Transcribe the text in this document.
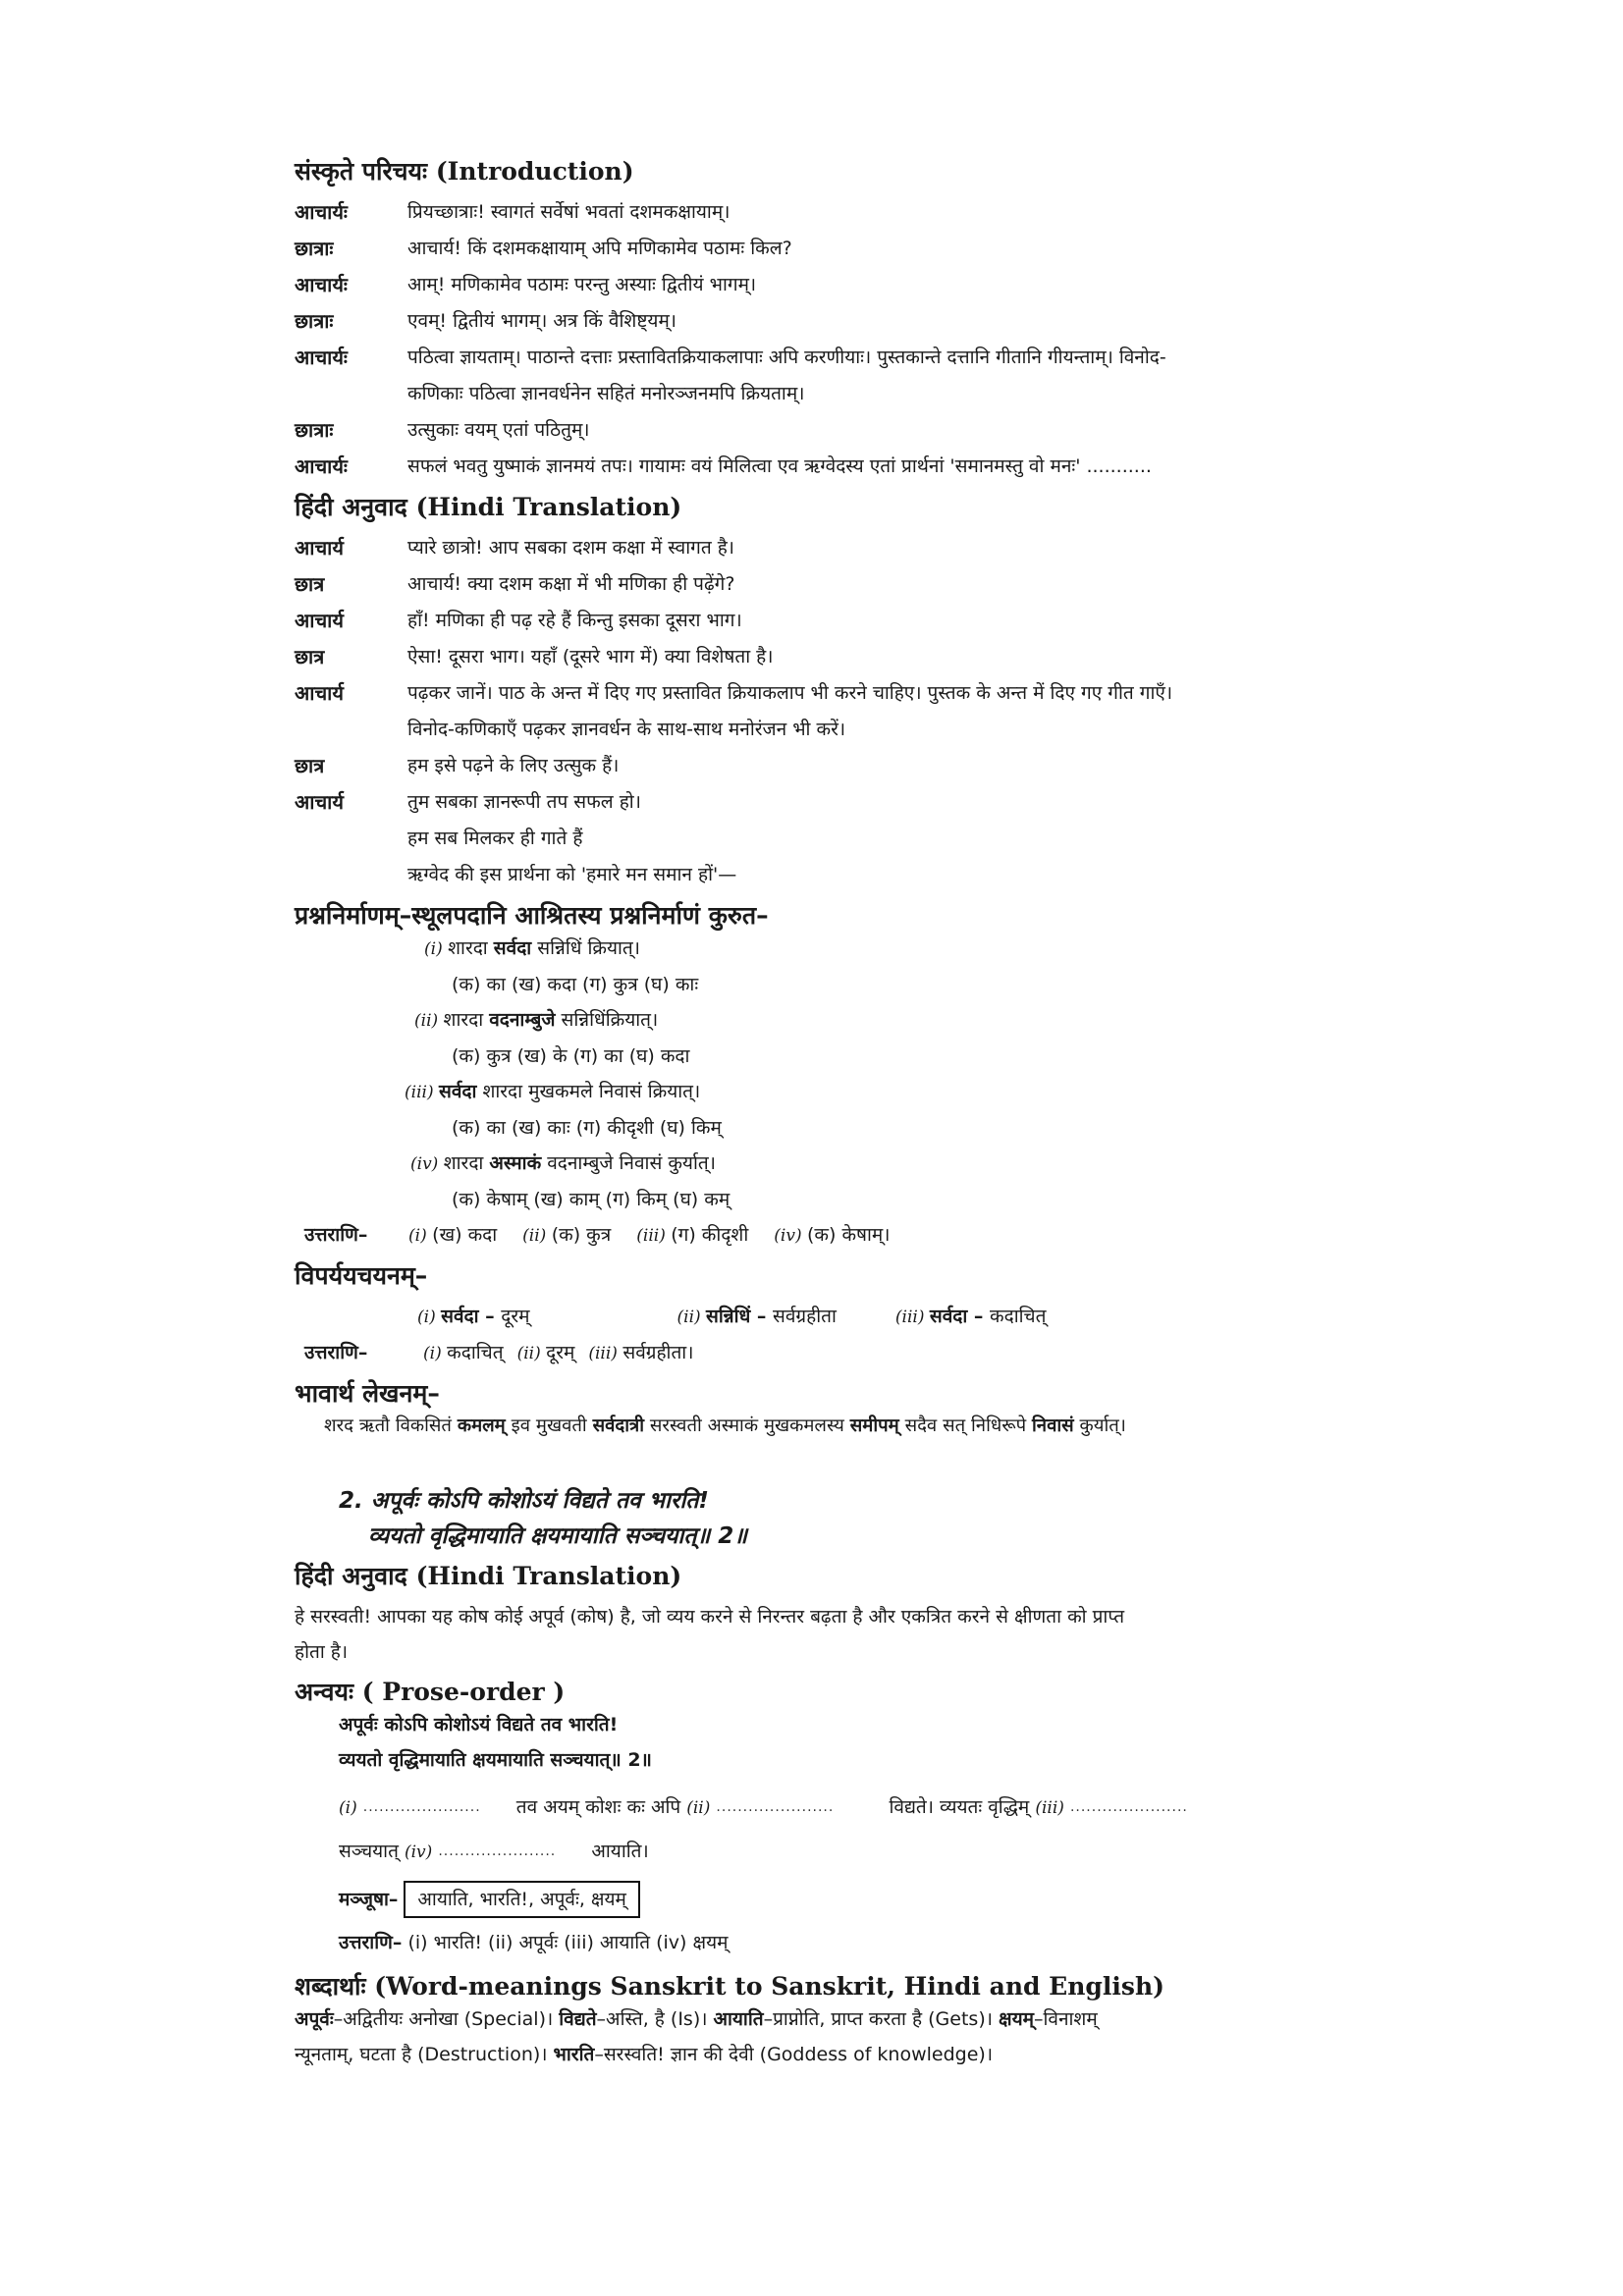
संस्कृते परिचयः (Introduction)
आचार्यः	प्रियच्छात्राः! स्वागतं सर्वेषां भवतां दशमकक्षायाम्।
छात्राः	आचार्य! किं दशमकक्षायाम् अपि मणिकामेव पठामः किल?
आचार्यः	आम्! मणिकामेव पठामः परन्तु अस्याः द्वितीयं भागम्।
छात्राः	एवम्! द्वितीयं भागम्। अत्र किं वैशिष्ट्यम्।
आचार्यः	पठित्वा ज्ञायताम्। पाठान्ते दत्ताः प्रस्तावितक्रियाकलापाः अपि करणीयाः। पुस्तकान्ते दत्तानि गीतानि गीयन्ताम्। विनोद-
कणिकाः पठित्वा ज्ञानवर्धनेन सहितं मनोरञ्जनमपि क्रियताम्।
छात्राः	उत्सुकाः वयम् एतां पठितुम्।
आचार्यः	सफलं भवतु युष्माकं ज्ञानमयं तपः। गायामः वयं मिलित्वा एव ऋग्वेदस्य एतां प्रार्थनां 'समानमस्तु वो मनः' ...........
हिंदी अनुवाद (Hindi Translation)
आचार्य	प्यारे छात्रो! आप सबका दशम कक्षा में स्वागत है।
छात्र	आचार्य! क्या दशम कक्षा में भी मणिका ही पढ़ेंगे?
आचार्य	हाँ! मणिका ही पढ़ रहे हैं किन्तु इसका दूसरा भाग।
छात्र	ऐसा! दूसरा भाग। यहाँ (दूसरे भाग में) क्या विशेषता है।
आचार्य	पढ़कर जानें। पाठ के अन्त में दिए गए प्रस्तावित क्रियाकलाप भी करने चाहिए। पुस्तक के अन्त में दिए गए गीत गाएँ।
विनोद-कणिकाएँ पढ़कर ज्ञानवर्धन के साथ-साथ मनोरंजन भी करें।
छात्र	हम इसे पढ़ने के लिए उत्सुक हैं।
आचार्य	तुम सबका ज्ञानरूपी तप सफल हो।
हम सब मिलकर ही गाते हैं
ऋग्वेद की इस प्रार्थना को 'हमारे मन समान हों'—
प्रश्ननिर्माणम्–स्थूलपदानि आश्रितस्य प्रश्ननिर्माणं कुरुत–
(i) शारदा सर्वदा सन्निधिं क्रियात्।
(क) का (ख) कदा (ग) कुत्र (घ) काः
(ii) शारदा वदनाम्बुजे सन्निधिंक्रियात्।
(क) कुत्र (ख) के (ग) का (घ) कदा
(iii) सर्वदा शारदा मुखकमले निवासं क्रियात्।
(क) का (ख) काः (ग) कीदृशी (घ) किम्
(iv) शारदा अस्माकं वदनाम्बुजे निवासं कुर्यात्।
(क) केषाम् (ख) काम् (ग) किम् (घ) कम्
उत्तराणि– (i) (ख) कदा (ii) (क) कुत्र (iii) (ग) कीदृशी (iv) (क) केषाम्।
विपर्ययचयनम्–
(i) सर्वदा – दूरम्	(ii) सन्निधिं – सर्वग्रहीता	(iii) सर्वदा – कदाचित्
उत्तराणि–	(i) कदाचित् (ii) दूरम् (iii) सर्वग्रहीता।
भावार्थ लेखनम्–
शरद ऋतौ विकसितं कमलम् इव मुखवती सर्वदात्री सरस्वती अस्माकं मुखकमलस्य समीपम् सदैव सत् निधिरूपे निवासं कुर्यात्।
2. अपूर्वः कोऽपि कोशोऽयं विद्यते तव भारति!
व्ययतो वृद्धिमायाति क्षयमायाति सञ्चयात्॥ 2॥
हिंदी अनुवाद (Hindi Translation)
हे सरस्वती! आपका यह कोष कोई अपूर्व (कोष) है, जो व्यय करने से निरन्तर बढ़ता है और एकत्रित करने से क्षीणता को प्राप्त
होता है।
अन्वयः ( Prose-order )
अपूर्वः कोऽपि कोशोऽयं विद्यते तव भारति!
व्ययतो वृद्धिमायाति क्षयमायाति सञ्चयात्॥ 2॥
(i) ...................... तव अयम् कोशः कः अपि (ii) ......................	विद्यते। व्ययतः वृद्धिम् (iii) ......................
सञ्चयात् (iv) ...................... आयाति।
मञ्जूषा– आयाति, भारति!, अपूर्वः, क्षयम्
उत्तराणि– (i) भारति! (ii) अपूर्वः (iii) आयाति (iv) क्षयम्
शब्दार्थाः (Word-meanings Sanskrit to Sanskrit, Hindi and English)
अपूर्वः–अद्वितीयः अनोखा (Special)। विद्यते–अस्ति, है (Is)। आयाति–प्राप्नोति, प्राप्त करता है (Gets)। क्षयम्–विनाशम्
न्यूनताम्, घटता है (Destruction)। भारति–सरस्वति! ज्ञान की देवी (Goddess of knowledge)।
